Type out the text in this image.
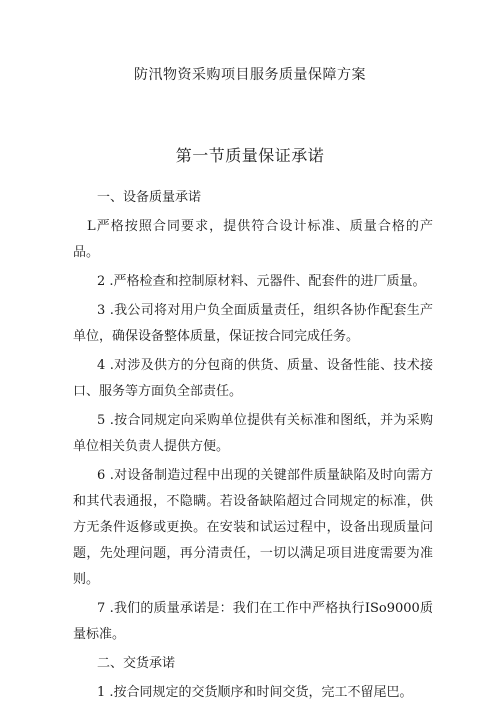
防汛物资采购项目服务质量保障方案
第一节质量保证承诺
一、设备质量承诺
L严格按照合同要求，提供符合设计标准、质量合格的产品。
2 .严格检查和控制原材料、元器件、配套件的进厂质量。
3 .我公司将对用户负全面质量责任，组织各协作配套生产单位，确保设备整体质量，保证按合同完成任务。
4 .对涉及供方的分包商的供货、质量、设备性能、技术接口、服务等方面负全部责任。
5 .按合同规定向采购单位提供有关标准和图纸，并为采购单位相关负责人提供方便。
6 .对设备制造过程中出现的关键部件质量缺陷及时向需方和其代表通报，不隐瞒。若设备缺陷超过合同规定的标准，供方无条件返修或更换。在安装和试运过程中，设备出现质量问题，先处理问题，再分清责任，一切以满足项目进度需要为准则。
7 .我们的质量承诺是：我们在工作中严格执行ISo9000质量标准。
二、交货承诺
1 .按合同规定的交货顺序和时间交货，完工不留尾巴。
